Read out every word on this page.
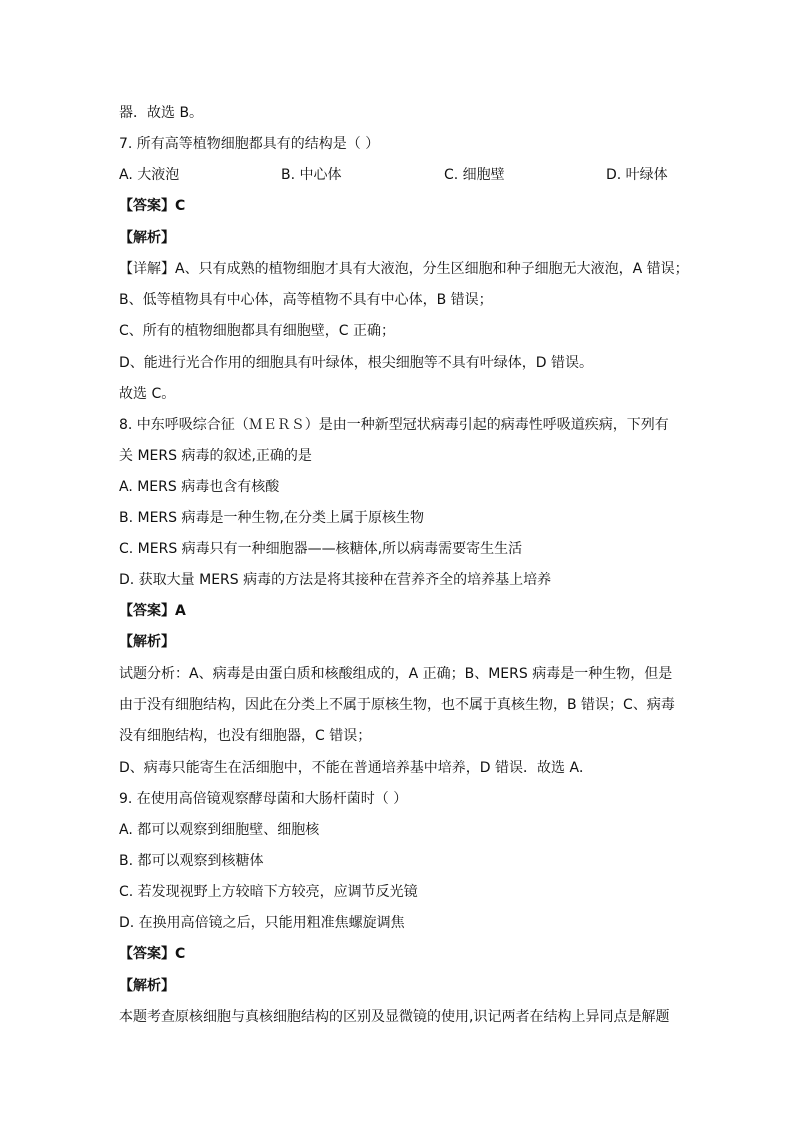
器．故选 B。
7. 所有高等植物细胞都具有的结构是（ ）
A. 大液泡	B. 中心体	C. 细胞壁	D. 叶绿体
【答案】C
【解析】
【详解】A、只有成熟的植物细胞才具有大液泡，分生区细胞和种子细胞无大液泡，A 错误；
B、低等植物具有中心体，高等植物不具有中心体，B 错误；
C、所有的植物细胞都具有细胞壁，C 正确；
D、能进行光合作用的细胞具有叶绿体，根尖细胞等不具有叶绿体，D 错误。
故选 C。
8. 中东呼吸综合征（ＭＥＲＳ）是由一种新型冠状病毒引起的病毒性呼吸道疾病，下列有
关 MERS 病毒的叙述,正确的是
A. MERS 病毒也含有核酸
B. MERS 病毒是一种生物,在分类上属于原核生物
C. MERS 病毒只有一种细胞器——核糖体,所以病毒需要寄生生活
D. 获取大量 MERS 病毒的方法是将其接种在营养齐全的培养基上培养
【答案】A
【解析】
试题分析：A、病毒是由蛋白质和核酸组成的，A 正确；B、MERS 病毒是一种生物，但是
由于没有细胞结构，因此在分类上不属于原核生物，也不属于真核生物，B 错误；C、病毒
没有细胞结构，也没有细胞器，C 错误；
D、病毒只能寄生在活细胞中，不能在普通培养基中培养，D 错误．故选 A．
9. 在使用高倍镜观察酵母菌和大肠杆菌时（ ）
A. 都可以观察到细胞壁、细胞核
B. 都可以观察到核糖体
C. 若发现视野上方较暗下方较亮，应调节反光镜
D. 在换用高倍镜之后，只能用粗准焦螺旋调焦
【答案】C
【解析】
本题考查原核细胞与真核细胞结构的区别及显微镜的使用,识记两者在结构上异同点是解题
